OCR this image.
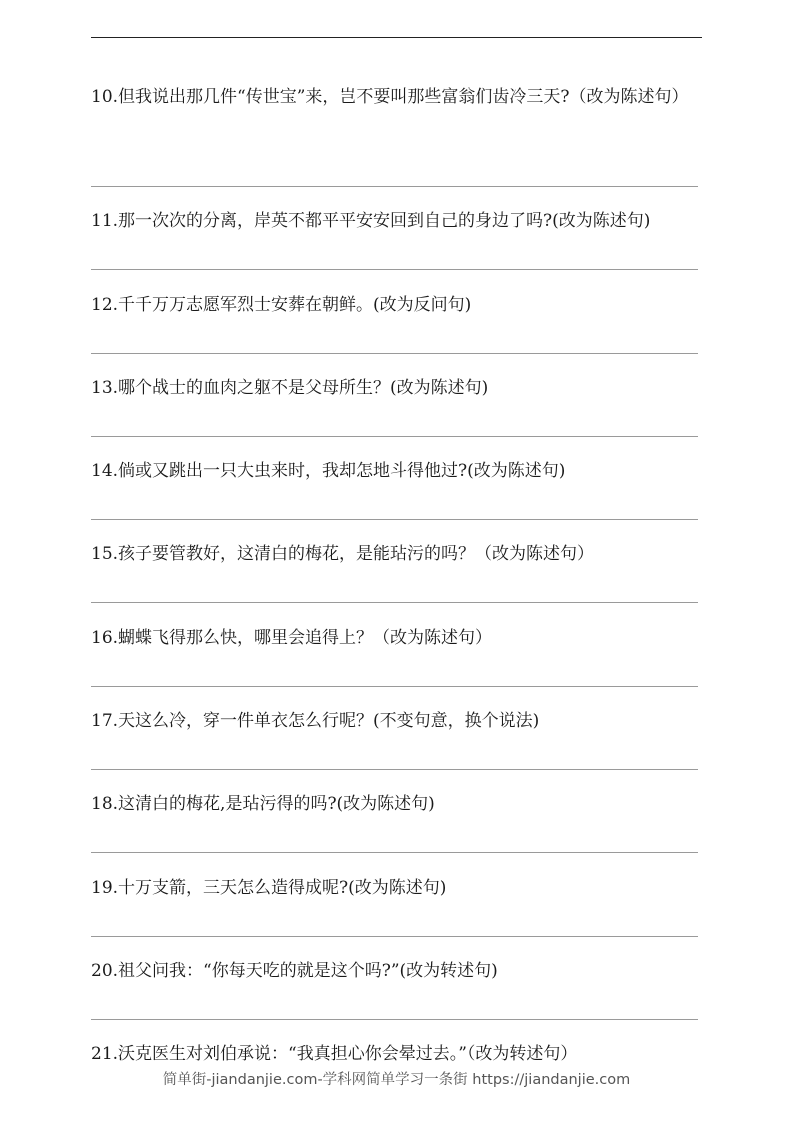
10.但我说出那几件“传世宝”来，岂不要叫那些富翁们齿冷三天?（改为陈述句）
11.那一次次的分离，岸英不都平平安安回到自己的身边了吗?(改为陈述句)
12.千千万万志愿军烈士安葬在朝鲜。(改为反问句)
13.哪个战士的血肉之躯不是父母所生？(改为陈述句)
14.倘或又跳出一只大虫来时，我却怎地斗得他过?(改为陈述句)
15.孩子要管教好，这清白的梅花，是能玷污的吗？（改为陈述句）
16.蝴蝶飞得那么快，哪里会追得上？（改为陈述句）
17.天这么冷，穿一件单衣怎么行呢？(不变句意，换个说法)
18.这清白的梅花,是玷污得的吗?(改为陈述句)
19.十万支箭，三天怎么造得成呢?(改为陈述句)
20.祖父问我：“你每天吃的就是这个吗?”(改为转述句)
21.沃克医生对刘伯承说：“我真担心你会晕过去。”（改为转述句）
简单街-jiandanjie.com-学科网简单学习一条街 https://jiandanjie.com
